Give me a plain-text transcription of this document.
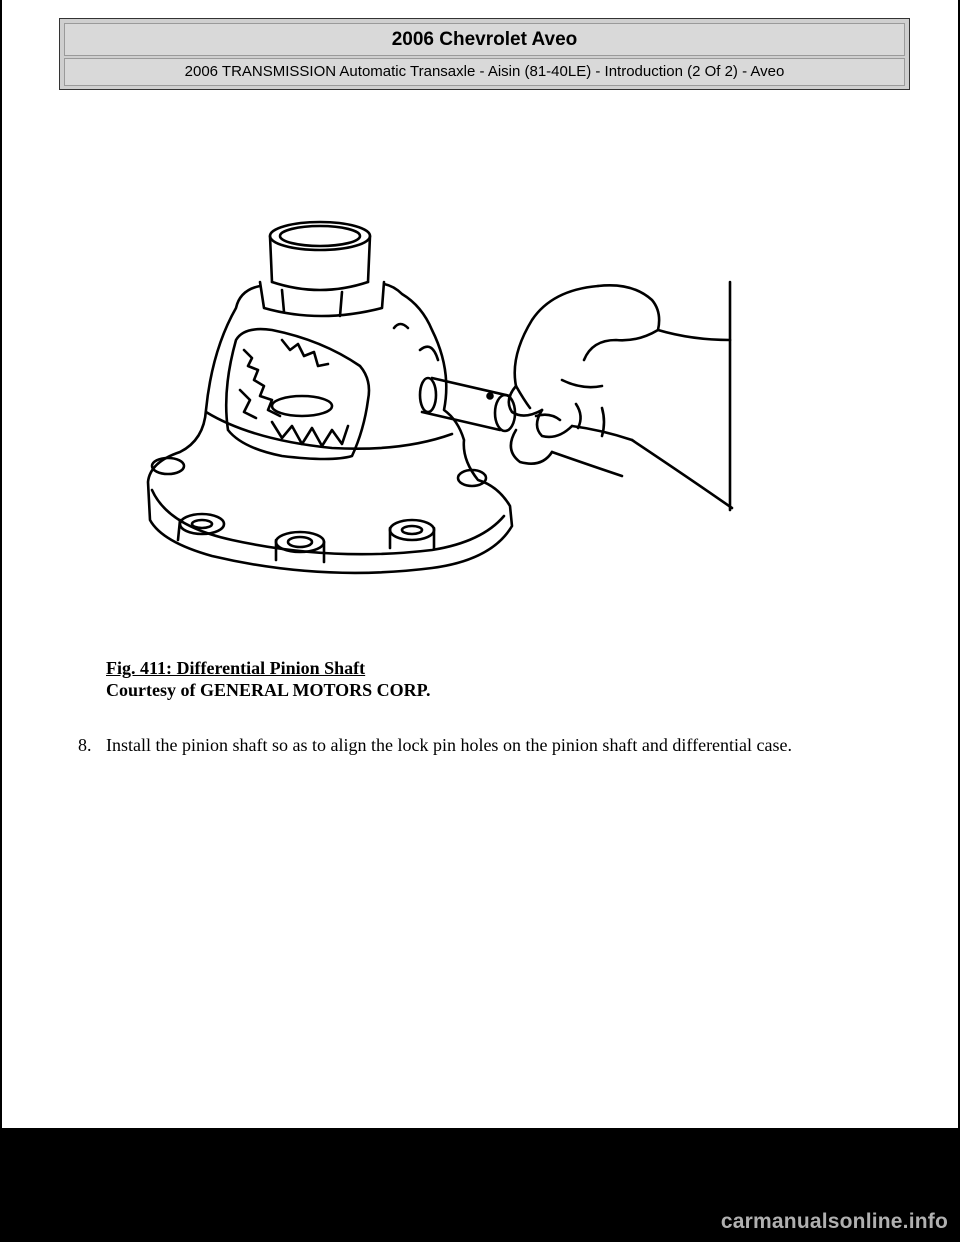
2006 Chevrolet Aveo
2006 TRANSMISSION Automatic Transaxle - Aisin (81-40LE) - Introduction (2 Of 2) - Aveo
Fig. 411: Differential Pinion Shaft
Courtesy of GENERAL MOTORS CORP.
8. Install the pinion shaft so as to align the lock pin holes on the pinion shaft and differential case.
carmanualsonline.info
